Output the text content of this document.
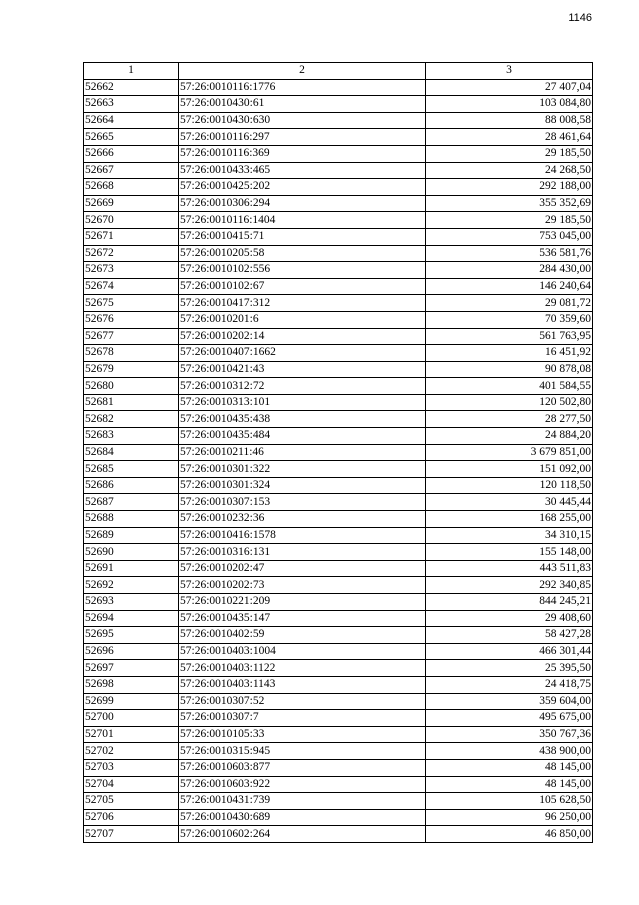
1146
1	2	3
52662	57:26:0010116:1776	27 407,04
52663	57:26:0010430:61	103 084,80
52664	57:26:0010430:630	88 008,58
52665	57:26:0010116:297	28 461,64
52666	57:26:0010116:369	29 185,50
52667	57:26:0010433:465	24 268,50
52668	57:26:0010425:202	292 188,00
52669	57:26:0010306:294	355 352,69
52670	57:26:0010116:1404	29 185,50
52671	57:26:0010415:71	753 045,00
52672	57:26:0010205:58	536 581,76
52673	57:26:0010102:556	284 430,00
52674	57:26:0010102:67	146 240,64
52675	57:26:0010417:312	29 081,72
52676	57:26:0010201:6	70 359,60
52677	57:26:0010202:14	561 763,95
52678	57:26:0010407:1662	16 451,92
52679	57:26:0010421:43	90 878,08
52680	57:26:0010312:72	401 584,55
52681	57:26:0010313:101	120 502,80
52682	57:26:0010435:438	28 277,50
52683	57:26:0010435:484	24 884,20
52684	57:26:0010211:46	3 679 851,00
52685	57:26:0010301:322	151 092,00
52686	57:26:0010301:324	120 118,50
52687	57:26:0010307:153	30 445,44
52688	57:26:0010232:36	168 255,00
52689	57:26:0010416:1578	34 310,15
52690	57:26:0010316:131	155 148,00
52691	57:26:0010202:47	443 511,83
52692	57:26:0010202:73	292 340,85
52693	57:26:0010221:209	844 245,21
52694	57:26:0010435:147	29 408,60
52695	57:26:0010402:59	58 427,28
52696	57:26:0010403:1004	466 301,44
52697	57:26:0010403:1122	25 395,50
52698	57:26:0010403:1143	24 418,75
52699	57:26:0010307:52	359 604,00
52700	57:26:0010307:7	495 675,00
52701	57:26:0010105:33	350 767,36
52702	57:26:0010315:945	438 900,00
52703	57:26:0010603:877	48 145,00
52704	57:26:0010603:922	48 145,00
52705	57:26:0010431:739	105 628,50
52706	57:26:0010430:689	96 250,00
52707	57:26:0010602:264	46 850,00
